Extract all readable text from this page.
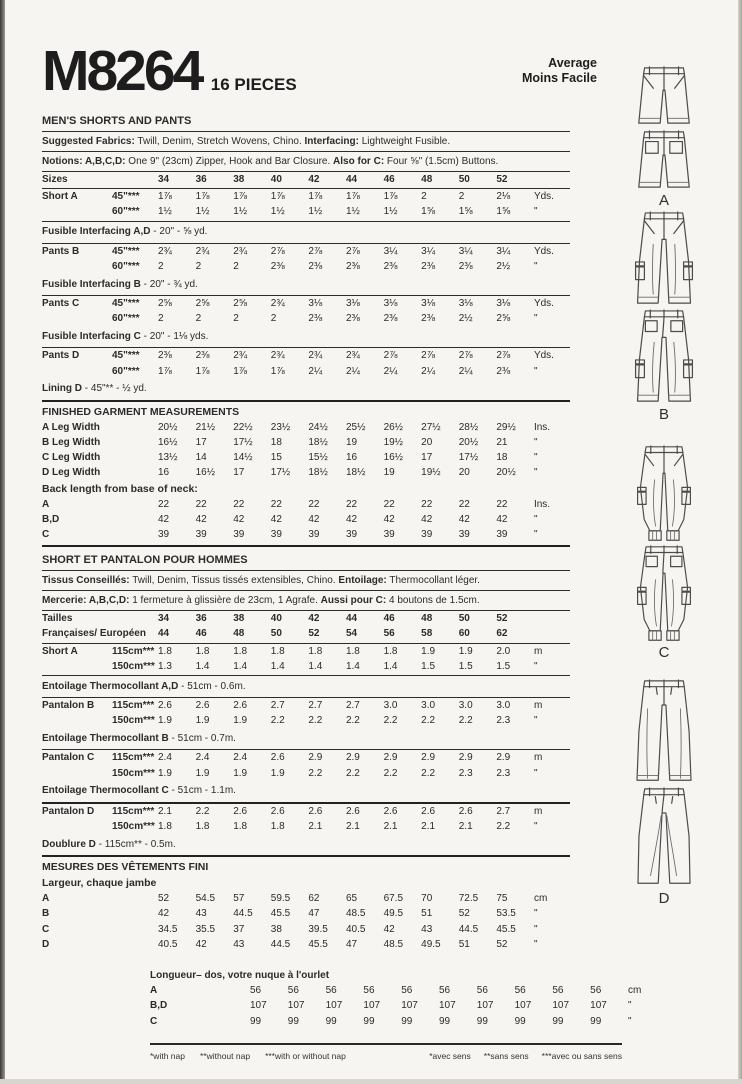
M8264 16 PIECES
Average
Moins Facile
MEN'S SHORTS AND PANTS
Suggested Fabrics: Twill, Denim, Stretch Wovens, Chino. Interfacing: Lightweight Fusible.
Notions: A,B,C,D: One 9" (23cm) Zipper, Hook and Bar Closure. Also for C: Four ⅝" (1.5cm) Buttons.
Sizes	34	36	38	40	42	44	46	48	50	52
Short A	45"***	1⅞	1⅞	1⅞	1⅞	1⅞	1⅞	1⅞	2	2	2⅛	Yds.
60"***	1½	1½	1½	1½	1½	1½	1½	1⅝	1⅝	1⅝	"
Fusible Interfacing A,D - 20" - ⅝ yd.
Pants B	45"***	2¾	2¾	2¾	2⅞	2⅞	2⅞	3¼	3¼	3¼	3¼	Yds.
60"***	2	2	2	2⅜	2⅜	2⅜	2⅜	2⅜	2⅜	2½	"
Fusible Interfacing B - 20" - ¾ yd.
Pants C	45"***	2⅝	2⅝	2⅝	2¾	3⅛	3⅛	3⅛	3⅛	3⅛	3⅛	Yds.
60"***	2	2	2	2	2⅜	2⅜	2⅜	2⅜	2½	2⅝	"
Fusible Interfacing C - 20" - 1⅛ yds.
Pants D	45"***	2⅜	2⅜	2¾	2¾	2¾	2¾	2⅞	2⅞	2⅞	2⅞	Yds.
60"***	1⅞	1⅞	1⅞	1⅞	2¼	2¼	2¼	2¼	2¼	2⅜	"
Lining D - 45"** - ½ yd.
FINISHED GARMENT MEASUREMENTS
A Leg Width	20½	21½	22½	23½	24½	25½	26½	27½	28½	29½	Ins.
B Leg Width	16½	17	17½	18	18½	19	19½	20	20½	21	"
C Leg Width	13½	14	14½	15	15½	16	16½	17	17½	18	"
D Leg Width	16	16½	17	17½	18½	18½	19	19½	20	20½	"
Back length from base of neck:
A	22	22	22	22	22	22	22	22	22	22	Ins.
B,D	42	42	42	42	42	42	42	42	42	42	"
C	39	39	39	39	39	39	39	39	39	39	"
SHORT ET PANTALON POUR HOMMES
Tissus Conseillés: Twill, Denim, Tissus tissés extensibles, Chino. Entoilage: Thermocollant léger.
Mercerie: A,B,C,D: 1 fermeture à glissière de 23cm, 1 Agrafe. Aussi pour C: 4 boutons de 1.5cm.
Tailles	34	36	38	40	42	44	46	48	50	52
Françaises/ Européen	44	46	48	50	52	54	56	58	60	62
Short A	115cm*** 1.8	1.8	1.8	1.8	1.8	1.8	1.8	1.9	1.9	2.0	m
150cm*** 1.3	1.4	1.4	1.4	1.4	1.4	1.4	1.5	1.5	1.5	"
Entoilage Thermocollant A,D - 51cm - 0.6m.
Pantalon B	115cm*** 2.6	2.6	2.6	2.7	2.7	2.7	3.0	3.0	3.0	3.0	m
150cm*** 1.9	1.9	1.9	2.2	2.2	2.2	2.2	2.2	2.2	2.3	"
Entoilage Thermocollant B - 51cm - 0.7m.
Pantalon C	115cm*** 2.4	2.4	2.4	2.6	2.9	2.9	2.9	2.9	2.9	2.9	m
150cm*** 1.9	1.9	1.9	1.9	2.2	2.2	2.2	2.2	2.3	2.3	"
Entoilage Thermocollant C - 51cm - 1.1m.
Pantalon D	115cm*** 2.1	2.2	2.6	2.6	2.6	2.6	2.6	2.6	2.6	2.7	m
150cm*** 1.8	1.8	1.8	1.8	2.1	2.1	2.1	2.1	2.1	2.2	"
Doublure D - 115cm** - 0.5m.
MESURES DES VÊTEMENTS FINI
Largeur, chaque jambe
A	52	54.5	57	59.5	62	65	67.5	70	72.5	75	cm
B	42	43	44.5	45.5	47	48.5	49.5	51	52	53.5	"
C	34.5	35.5	37	38	39.5	40.5	42	43	44.5	45.5	"
D	40.5	42	43	44.5	45.5	47	48.5	49.5	51	52	"
Longueur– dos, votre nuque à l'ourlet
A	56	56	56	56	56	56	56	56	56	56	cm
B,D	107	107	107	107	107	107	107	107	107	107	"
C	99	99	99	99	99	99	99	99	99	99	"
*with nap **without nap ***with or without nap	*avec sens **sans sens ***avec ou sans sens
A
B
C
D
